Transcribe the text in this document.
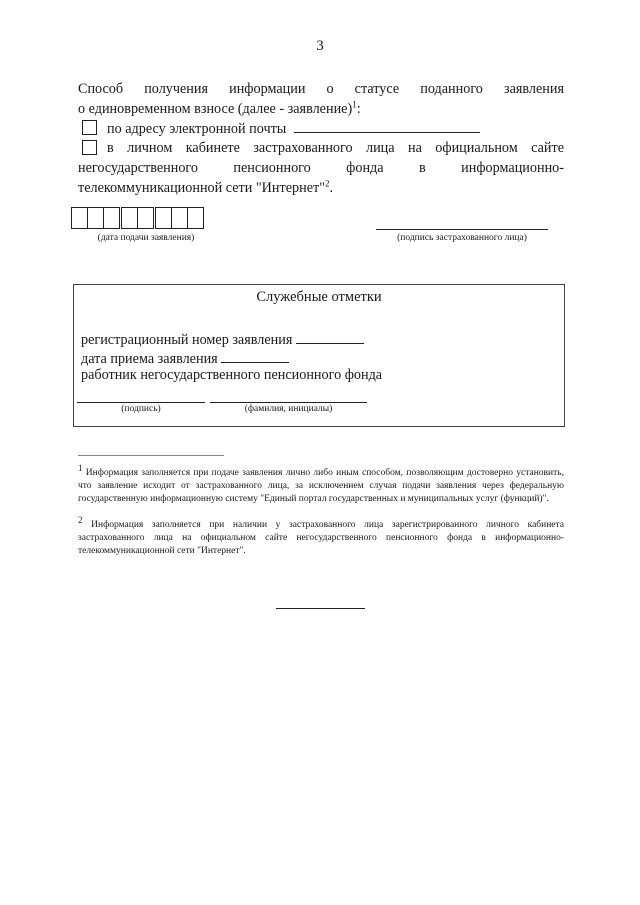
3
Способ получения информации о статусе поданного заявления
о единовременном взносе (далее - заявление)$^1$:
по адресу электронной почты
в личном кабинете застрахованного лица на официальном сайте
негосударственного пенсионного фонда в информационно-
телекоммуникационной сети "Интернет"$^2$.
(дата подачи заявления)	(подпись застрахованного лица)
Служебные отметки
регистрационный номер заявления
дата приема заявления
работник негосударственного пенсионного фонда
(подпись)	(фамилия, инициалы)
1 Информация заполняется при подаче заявления лично либо иным способом, позволяющим достоверно установить, что заявление исходит от застрахованного лица, за исключением случая подачи заявления через федеральную государственную информационную систему "Единый портал государственных и муниципальных услуг (функций)".
2 Информация заполняется при наличии у застрахованного лица зарегистрированного личного кабинета застрахованного лица на официальном сайте негосударственного пенсионного фонда в информационно-телекоммуникационной сети "Интернет".
